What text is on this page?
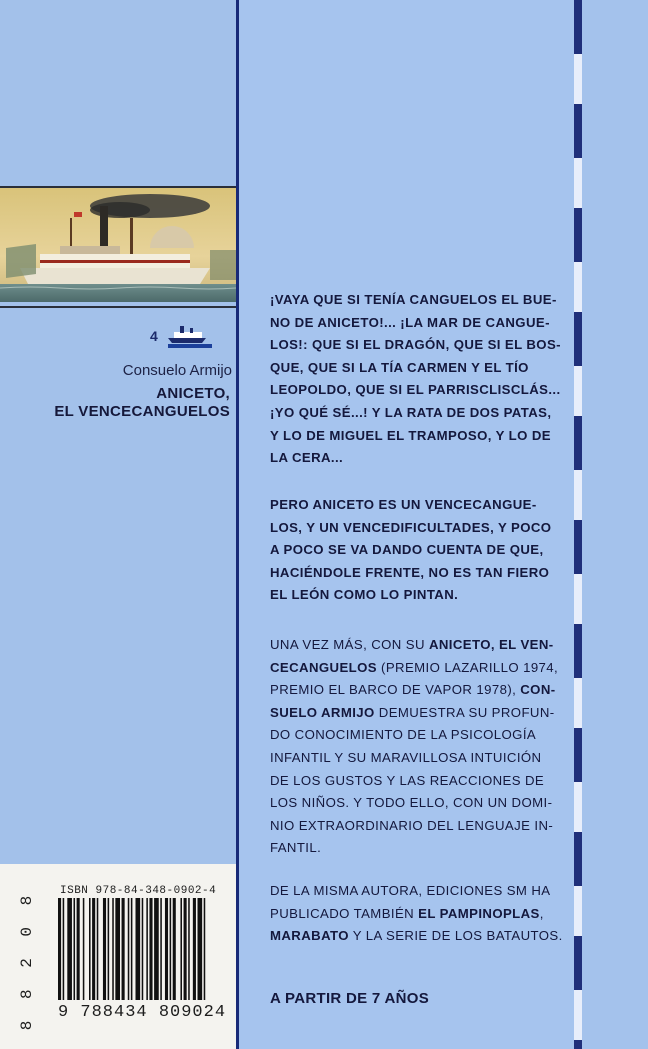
4
Consuelo Armijo
ANICETO,
EL VENCECANGUELOS
8 8 2 0 8 ISBN 978-84-348-0902-4
9 788434 809024
¡VAYA QUE SI TENÍA CANGUELOS EL BUE-
NO DE ANICETO!... ¡LA MAR DE CANGUE-
LOS!: QUE SI EL DRAGÓN, QUE SI EL BOS-
QUE, QUE SI LA TÍA CARMEN Y EL TÍO
LEOPOLDO, QUE SI EL PARRISCLISCLÁS...
¡YO QUÉ SÉ...! Y LA RATA DE DOS PATAS,
Y LO DE MIGUEL EL TRAMPOSO, Y LO DE
LA CERA...
PERO ANICETO ES UN VENCECANGUE-
LOS, Y UN VENCEDIFICULTADES, Y POCO
A POCO SE VA DANDO CUENTA DE QUE,
HACIÉNDOLE FRENTE, NO ES TAN FIERO
EL LEÓN COMO LO PINTAN.
UNA VEZ MÁS, CON SU ANICETO, EL VEN-
CECANGUELOS (PREMIO LAZARILLO 1974,
PREMIO EL BARCO DE VAPOR 1978), CON-
SUELO ARMIJO DEMUESTRA SU PROFUN-
DO CONOCIMIENTO DE LA PSICOLOGÍA
INFANTIL Y SU MARAVILLOSA INTUICIÓN
DE LOS GUSTOS Y LAS REACCIONES DE
LOS NIÑOS. Y TODO ELLO, CON UN DOMI-
NIO EXTRAORDINARIO DEL LENGUAJE IN-
FANTIL.
DE LA MISMA AUTORA, EDICIONES SM HA
PUBLICADO TAMBIÉN EL PAMPINOPLAS,
MARABATO Y LA SERIE DE LOS BATAUTOS.
A PARTIR DE 7 AÑOS
